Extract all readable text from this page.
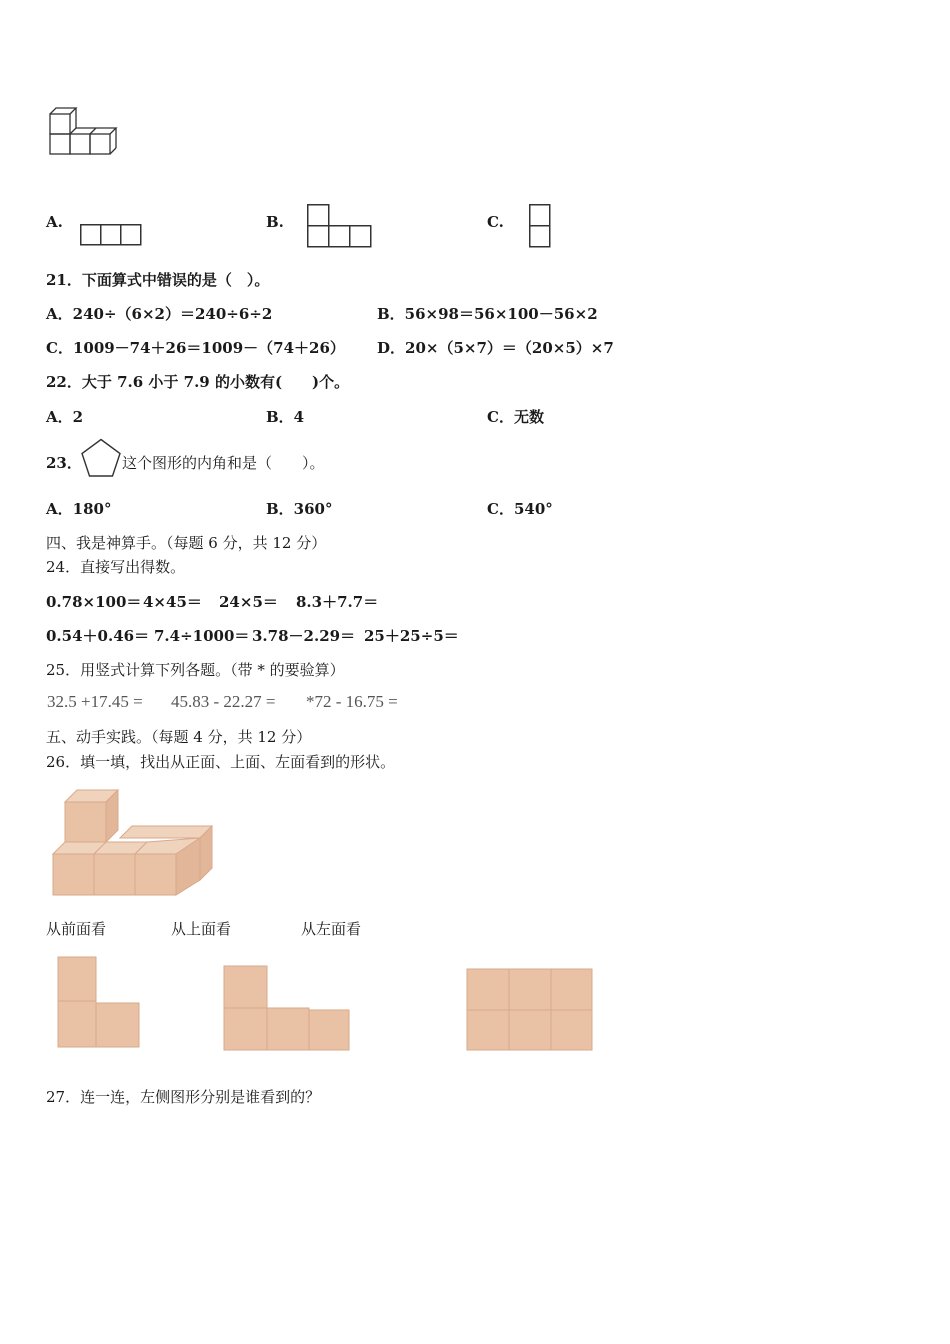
A.	B.	C.
21．下面算式中错误的是（　）。
A．240÷（6×2）＝240÷6÷2	B．56×98＝56×100－56×2
C．1009－74＋26＝1009－（74＋26） D．20×（5×7）＝（20×5）×7
22．大于 7.6 小于 7.9 的小数有(　　)个。
A．2	B．4	C．无数
23．	这个图形的内角和是（　　）。
A．180°	B．360°	C．540°
四、我是神算手。（每题 6 分，共 12 分）
24．直接写出得数。
0.78×100＝ 4×45＝ 24×5＝ 8.3＋7.7＝
0.54＋0.46＝ 7.4÷1000＝ 3.78－2.29＝ 25＋25÷5＝
25．用竖式计算下列各题。（带 * 的要验算）
32.5 +17.45 = 45.83 - 22.27 = *72 - 16.75 =
五、动手实践。（每题 4 分，共 12 分）
26．填一填，找出从正面、上面、左面看到的形状。
从前面看	从上面看	从左面看
27．连一连，左侧图形分别是谁看到的？
